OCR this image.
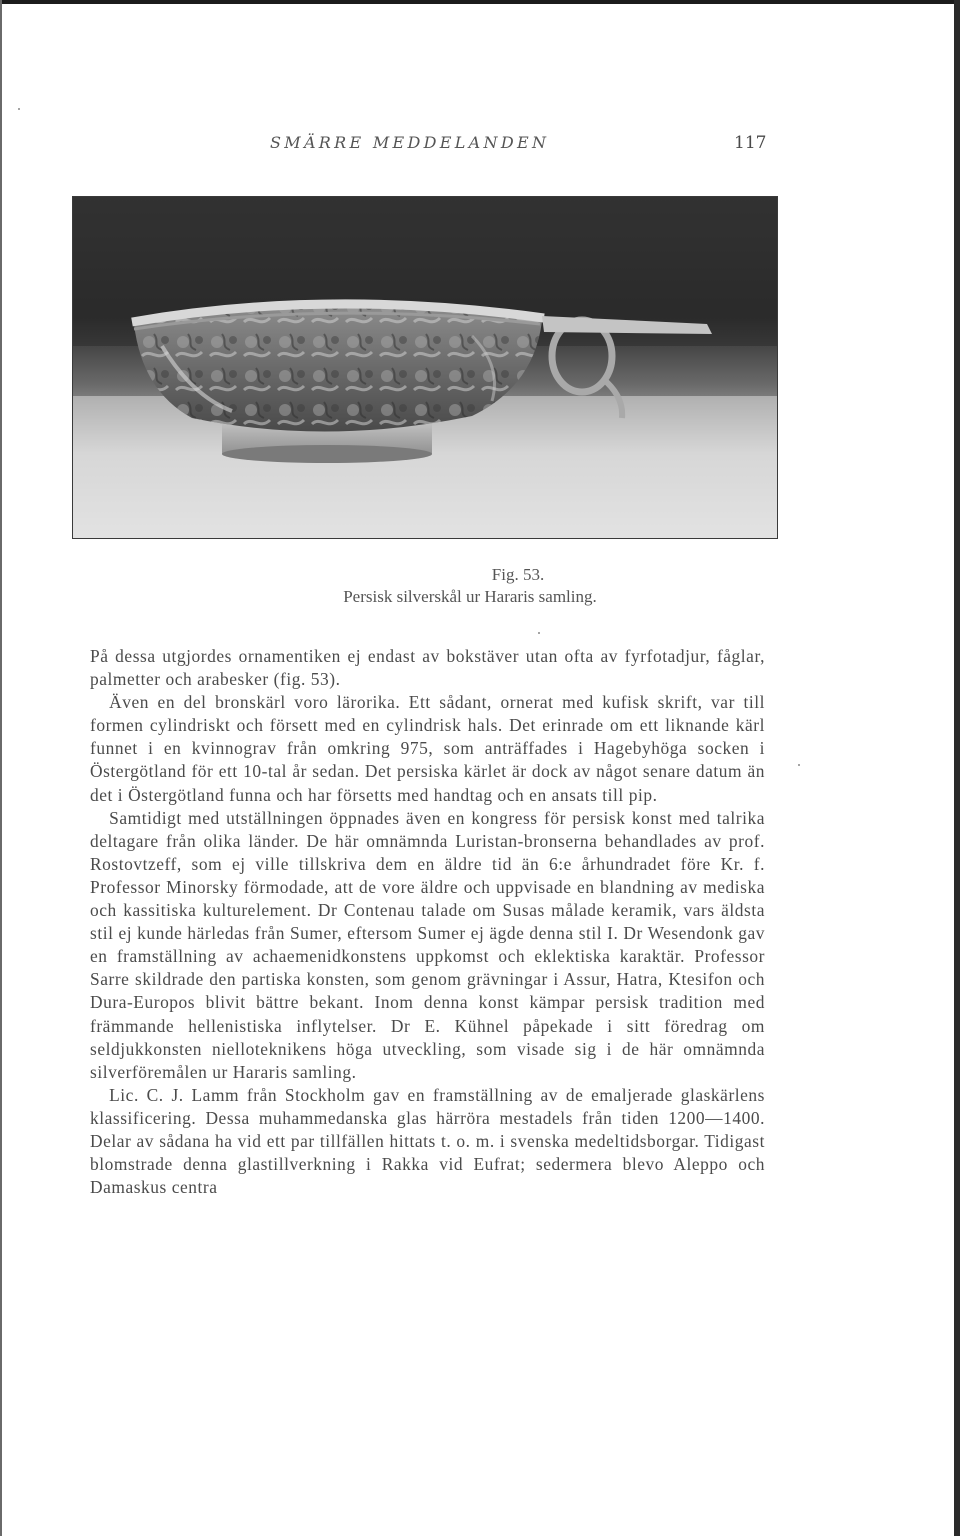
SMÄRRE MEDDELANDEN	117
Fig. 53.
Persisk silverskål ur Hararis samling.

På dessa utgjordes ornamentiken ej endast av bokstäver utan ofta av fyrfotadjur, fåglar, palmetter och arabesker (fig. 53).

Även en del bronskärl voro lärorika. Ett sådant, ornerat med kufisk skrift, var till formen cylindriskt och försett med en cylindrisk hals. Det erinrade om ett liknande kärl funnet i en kvinnograv från omkring 975, som anträffades i Hagebyhöga socken i Östergötland för ett 10-tal år sedan. Det persiska kärlet är dock av något senare datum än det i Östergötland funna och har försetts med handtag och en ansats till pip.

Samtidigt med utställningen öppnades även en kongress för persisk konst med talrika deltagare från olika länder. De här omnämnda Luristan-bronserna behandlades av prof. Rostovtzeff, som ej ville tillskriva dem en äldre tid än 6:e århundradet före Kr. f. Professor Minorsky förmodade, att de vore äldre och uppvisade en blandning av mediska och kassitiska kulturelement. Dr Contenau talade om Susas målade keramik, vars äldsta stil ej kunde härledas från Sumer, eftersom Sumer ej ägde denna stil I. Dr Wesendonk gav en framställning av achaemenidkonstens uppkomst och eklektiska karaktär. Professor Sarre skildrade den partiska konsten, som genom grävningar i Assur, Hatra, Ktesifon och Dura-Europos blivit bättre bekant. Inom denna konst kämpar persisk tradition med främmande hellenistiska inflytelser. Dr E. Kühnel påpekade i sitt föredrag om seldjukkonsten nielloteknikens höga utveckling, som visade sig i de här omnämnda silverföremålen ur Hararis samling.

Lic. C. J. Lamm från Stockholm gav en framställning av de emaljerade glaskärlens klassificering. Dessa muhammedanska glas härröra mestadels från tiden 1200—1400. Delar av sådana ha vid ett par tillfällen hittats t. o. m. i svenska medeltidsborgar. Tidigast blomstrade denna glastillverkning i Rakka vid Eufrat; sedermera blevo Aleppo och Damaskus centra
